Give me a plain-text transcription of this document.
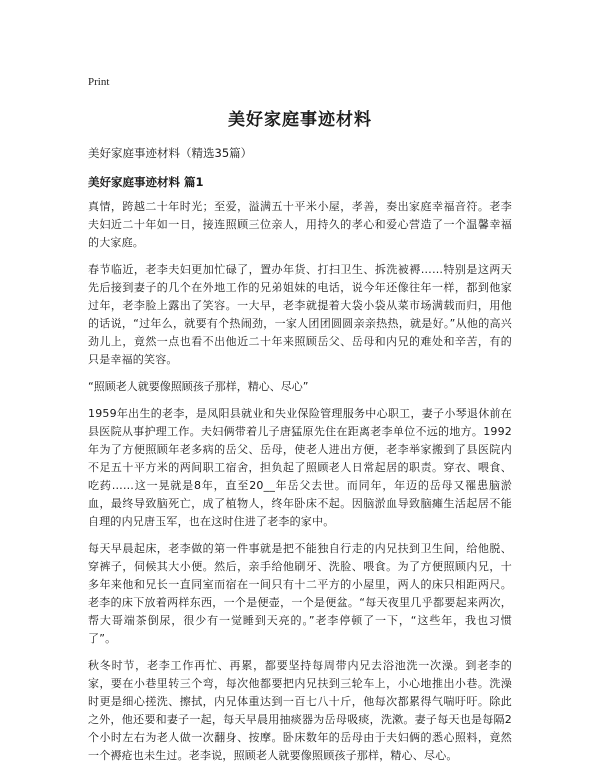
Print
美好家庭事迹材料
美好家庭事迹材料（精选35篇）
美好家庭事迹材料 篇1

真情，跨越二十年时光；至爱，溢满五十平米小屋，孝善，奏出家庭幸福音符。老李夫妇近二十年如一日，接连照顾三位亲人，用持久的孝心和爱心营造了一个温馨幸福的大家庭。

春节临近，老李夫妇更加忙碌了，置办年货、打扫卫生、拆洗被褥……特别是这两天先后接到妻子的几个在外地工作的兄弟姐妹的电话，说今年还像往年一样，都到他家过年，老李脸上露出了笑容。一大早，老李就提着大袋小袋从菜市场满载而归，用他的话说，“过年么，就要有个热闹劲，一家人团团圆圆亲亲热热，就是好。”从他的高兴劲儿上，竟然一点也看不出他近二十年来照顾岳父、岳母和内兄的难处和辛苦，有的只是幸福的笑容。

“照顾老人就要像照顾孩子那样，精心、尽心”

1959年出生的老李，是凤阳县就业和失业保险管理服务中心职工，妻子小琴退休前在县医院从事护理工作。夫妇俩带着儿子唐猛原先住在距离老李单位不远的地方。1992年为了方便照顾年老多病的岳父、岳母，使老人进出方便，老李举家搬到了县医院内不足五十平方米的两间职工宿舍，担负起了照顾老人日常起居的职责。穿衣、喂食、吃药……这一晃就是8年，直至20__年岳父去世。而同年，年迈的岳母又罹患脑淤血，最终导致脑死亡，成了植物人，终年卧床不起。因脑淤血导致脑瘫生活起居不能自理的内兄唐玉军，也在这时住进了老李的家中。

每天早晨起床，老李做的第一件事就是把不能独自行走的内兄扶到卫生间，给他脱、穿裤子，伺候其大小便。然后，亲手给他刷牙、洗脸、喂食。为了方便照顾内兄，十多年来他和兄长一直同室而宿在一间只有十二平方的小屋里，两人的床只相距两尺。老李的床下放着两样东西，一个是便壶，一个是便盆。“每天夜里几乎都要起来两次，帮大哥端茶倒尿，很少有一觉睡到天亮的。”老李停顿了一下，“这些年，我也习惯了”。

秋冬时节，老李工作再忙、再累，都要坚持每周带内兄去浴池洗一次澡。到老李的家，要在小巷里转三个弯，每次他都要把内兄扶到三轮车上，小心地推出小巷。洗澡时更是细心搓洗、擦拭，内兄体重达到一百七八十斤，他每次都累得气喘吁吁。除此之外，他还要和妻子一起，每天早晨用抽痰器为岳母吸痰，洗漱。妻子每天也是每隔2个小时左右为老人做一次翻身、按摩。卧床数年的岳母由于夫妇俩的悉心照料，竟然一个褥疮也未生过。老李说，照顾老人就要像照顾孩子那样，精心、尽心。
